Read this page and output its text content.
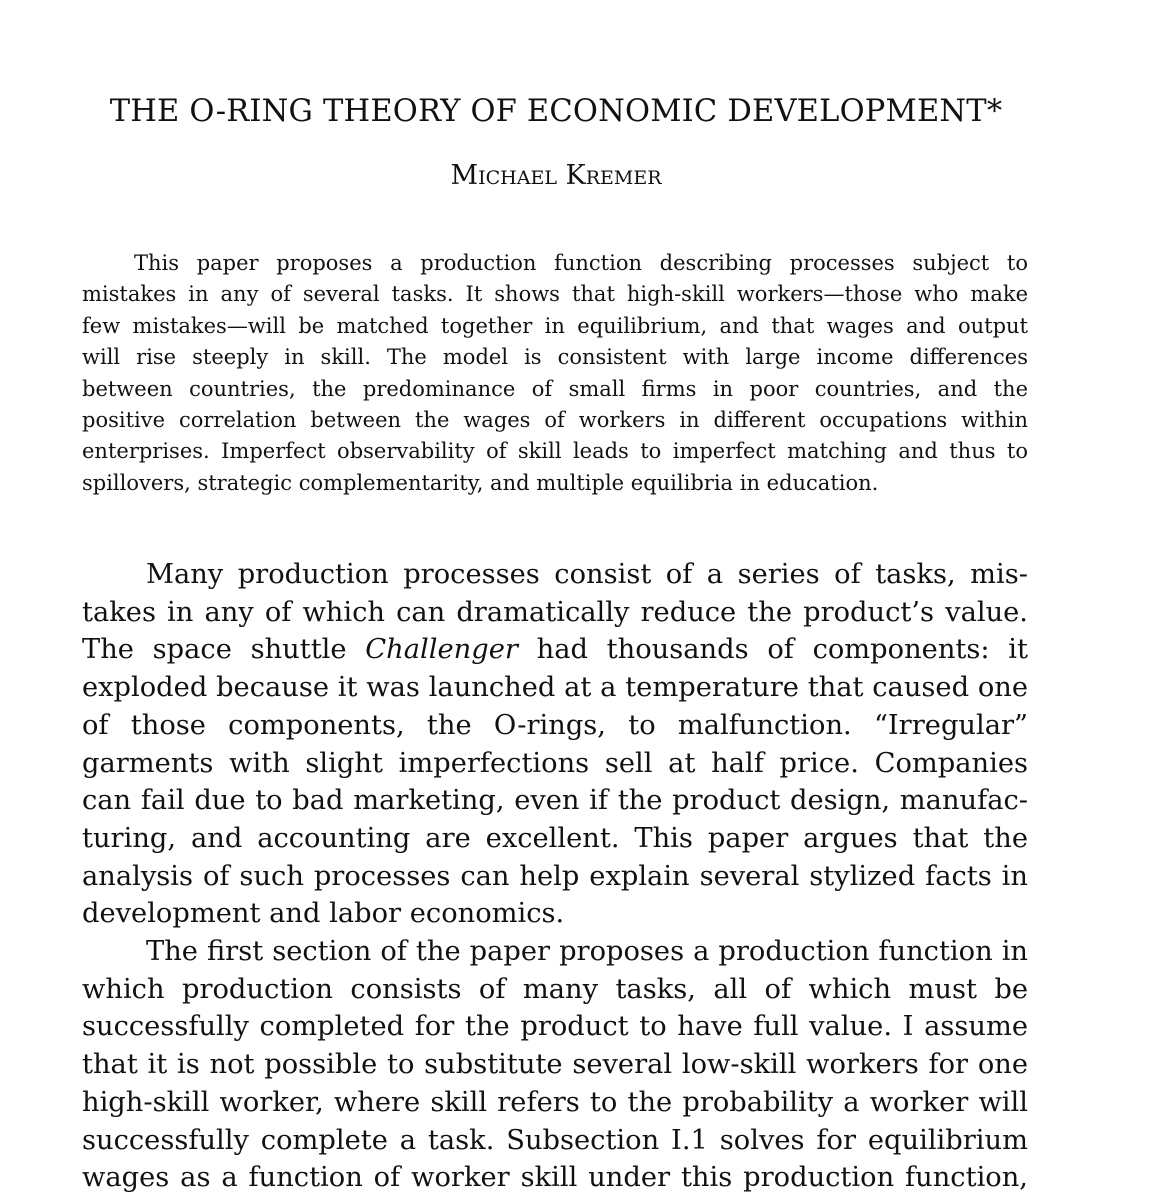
THE O-RING THEORY OF ECONOMIC DEVELOPMENT*
Michael Kremer
This paper proposes a production function describing processes subject to
mistakes in any of several tasks. It shows that high-skill workers—those who make
few mistakes—will be matched together in equilibrium, and that wages and output
will rise steeply in skill. The model is consistent with large income differences
between countries, the predominance of small firms in poor countries, and the
positive correlation between the wages of workers in different occupations within
enterprises. Imperfect observability of skill leads to imperfect matching and thus to
spillovers, strategic complementarity, and multiple equilibria in education.
Many production processes consist of a series of tasks, mis-
takes in any of which can dramatically reduce the product’s value.
The space shuttle Challenger had thousands of components: it
exploded because it was launched at a temperature that caused one
of those components, the O-rings, to malfunction. “Irregular”
garments with slight imperfections sell at half price. Companies
can fail due to bad marketing, even if the product design, manufac-
turing, and accounting are excellent. This paper argues that the
analysis of such processes can help explain several stylized facts in
development and labor economics.
The first section of the paper proposes a production function in
which production consists of many tasks, all of which must be
successfully completed for the product to have full value. I assume
that it is not possible to substitute several low-skill workers for one
high-skill worker, where skill refers to the probability a worker will
successfully complete a task. Subsection I.1 solves for equilibrium
wages as a function of worker skill under this production function,
